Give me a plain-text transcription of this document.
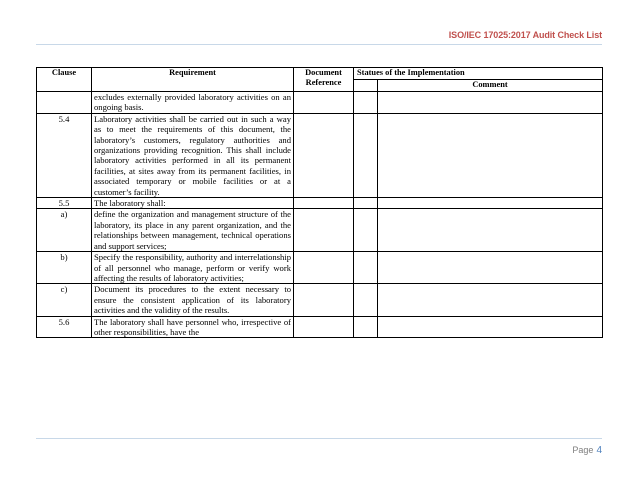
ISO/IEC 17025:2017 Audit Check List
Clause	Requirement	Document Reference	Statues of the Implementation	
				Comment
	excludes externally provided laboratory activities on an ongoing basis.			
5.4	Laboratory activities shall be carried out in such a way as to meet the requirements of this document, the laboratory’s customers, regulatory authorities and organizations providing recognition. This shall include laboratory activities performed in all its permanent facilities, at sites away from its permanent facilities, in associated temporary or mobile facilities or at a customer’s facility.			
5.5	The laboratory shall:			
a)	define the organization and management structure of the laboratory, its place in any parent organization, and the relationships between management, technical operations and support services;			
b)	Specify the responsibility, authority and interrelationship of all personnel who manage, perform or verify work affecting the results of laboratory activities;			
c)	Document its procedures to the extent necessary to ensure the consistent application of its laboratory activities and the validity of the results.			
5.6	The laboratory shall have personnel who, irrespective of other responsibilities, have the			
Page 4
